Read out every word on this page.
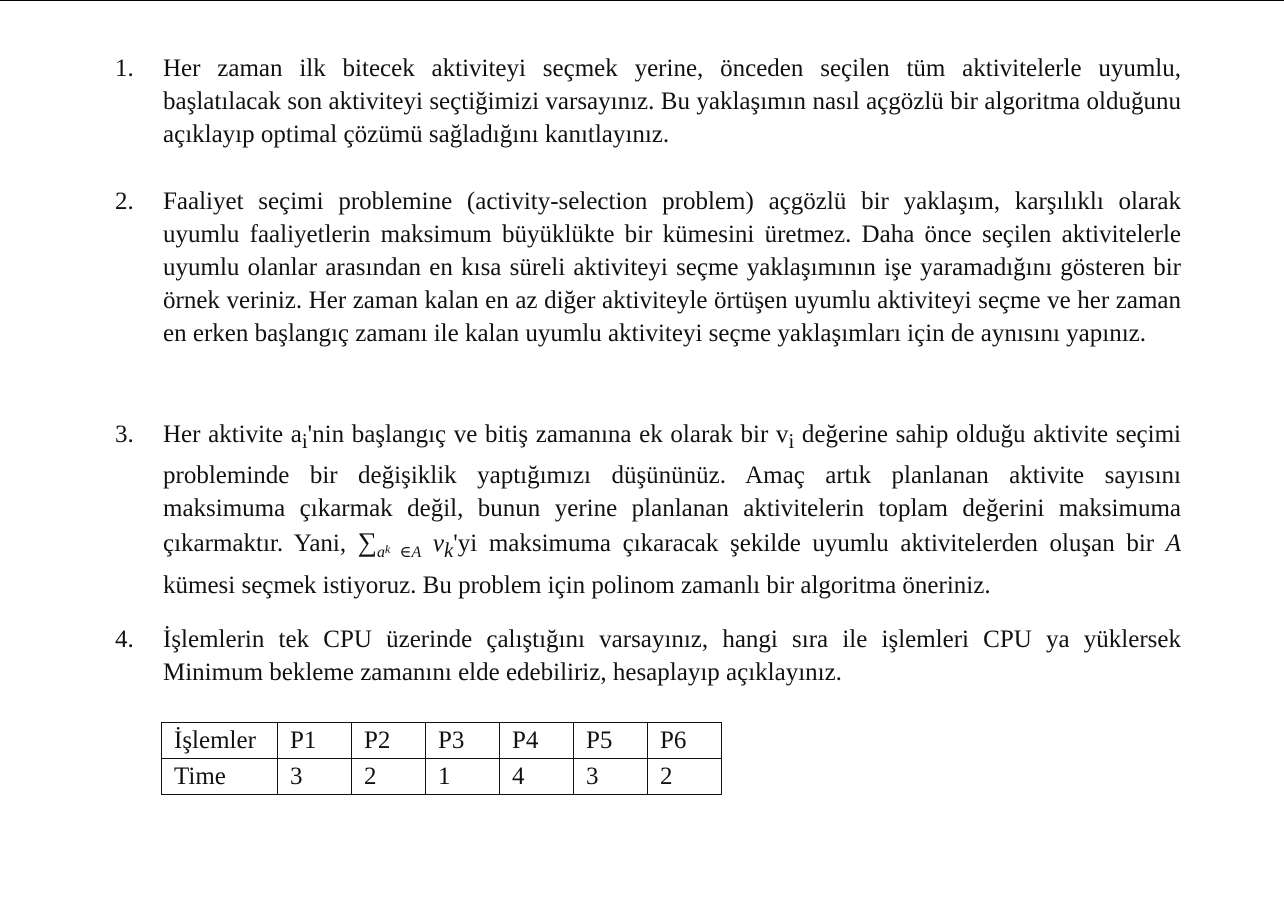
1. Her zaman ilk bitecek aktiviteyi seçmek yerine, önceden seçilen tüm aktivitelerle uyumlu, başlatılacak son aktiviteyi seçtiğimizi varsayınız. Bu yaklaşımın nasıl açgözlü bir algoritma olduğunu açıklayıp optimal çözümü sağladığını kanıtlayınız.
2. Faaliyet seçimi problemine (activity-selection problem) açgözlü bir yaklaşım, karşılıklı olarak uyumlu faaliyetlerin maksimum büyüklükte bir kümesini üretmez. Daha önce seçilen aktivitelerle uyumlu olanlar arasından en kısa süreli aktiviteyi seçme yaklaşımının işe yaramadığını gösteren bir örnek veriniz. Her zaman kalan en az diğer aktiviteyle örtüşen uyumlu aktiviteyi seçme ve her zaman en erken başlangıç zamanı ile kalan uyumlu aktiviteyi seçme yaklaşımları için de aynısını yapınız.
3. Her aktivite $a_i'nin$ başlangıç ve bitiş zamanına ek olarak bir $v_i$ değerine sahip olduğu aktivite seçimi probleminde bir değişiklik yaptığımızı düşününüz. Amaç artık planlanan aktivite sayısını maksimuma çıkarmak değil, bunun yerine planlanan aktivitelerin toplam değerini maksimuma çıkarmaktır. Yani, $\sum_ak$ $_{\in A}$ $v_k'yi$ maksimuma çıkaracak şekilde uyumlu aktivitelerden oluşan bir A kümesi seçmek istiyoruz. Bu problem için polinom zamanlı bir algoritma öneriniz.
4. İşlemlerin tek CPU üzerinde çalıştığını varsayınız, hangi sıra ile işlemleri CPU ya yüklersek Minimum bekleme zamanını elde edebiliriz, hesaplayıp açıklayınız.
İşlemler	P1	P2	P3	P4	P5	P6
Time	3	2	1	4	3	2
